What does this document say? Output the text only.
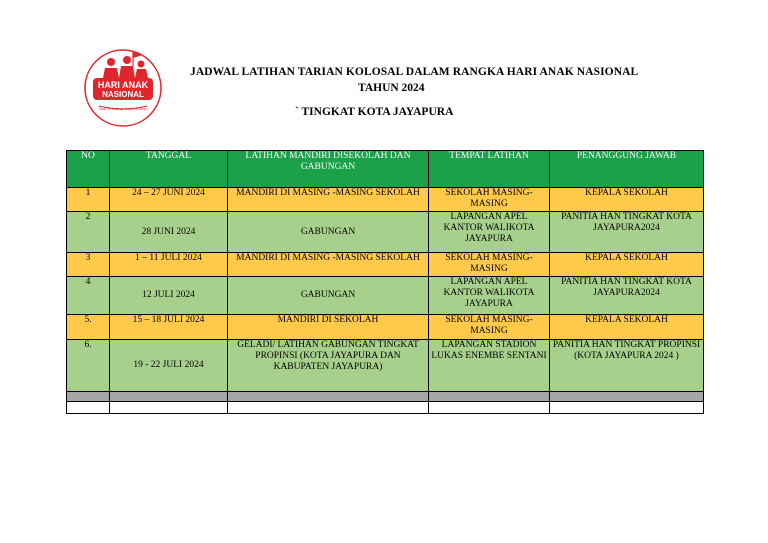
HARI ANAK
NASIONAL
Anak Terlindungi Indonesia Maju
JADWAL LATIHAN TARIAN KOLOSAL DALAM RANGKA HARI ANAK NASIONAL
TAHUN 2024
` TINGKAT KOTA JAYAPURA
NO	TANGGAL	LATIHAN MANDIRI DISEKOLAH DAN GABUNGAN	TEMPAT LATIHAN	PENANGGUNG JAWAB
1	24 – 27 JUNI 2024	MANDIRI DI MASING -MASING SEKOLAH	SEKOLAH MASING-MASING	KEPALA SEKOLAH
2	28 JUNI 2024	GABUNGAN	LAPANGAN APEL KANTOR WALIKOTA JAYAPURA	PANITIA HAN TINGKAT KOTA JAYAPURA2024
3	1 – 11 JULI 2024	MANDIRI DI MASING -MASING SEKOLAH	SEKOLAH MASING-MASING	KEPALA SEKOLAH
4	12 JULI 2024	GABUNGAN	LAPANGAN APEL KANTOR WALIKOTA JAYAPURA	PANITIA HAN TINGKAT KOTA JAYAPURA2024
5.	15 – 18 JULI 2024	MANDIRI DI SEKOLAH	SEKOLAH MASING-MASING	KEPALA SEKOLAH
6.	19 - 22 JULI 2024	GELADI/ LATIHAN GABUNGAN TINGKAT PROPINSI (KOTA JAYAPURA DAN KABUPATEN JAYAPURA)	LAPANGAN STADION LUKAS ENEMBE SENTANI	PANITIA HAN TINGKAT PROPINSI (KOTA JAYAPURA 2024 )
